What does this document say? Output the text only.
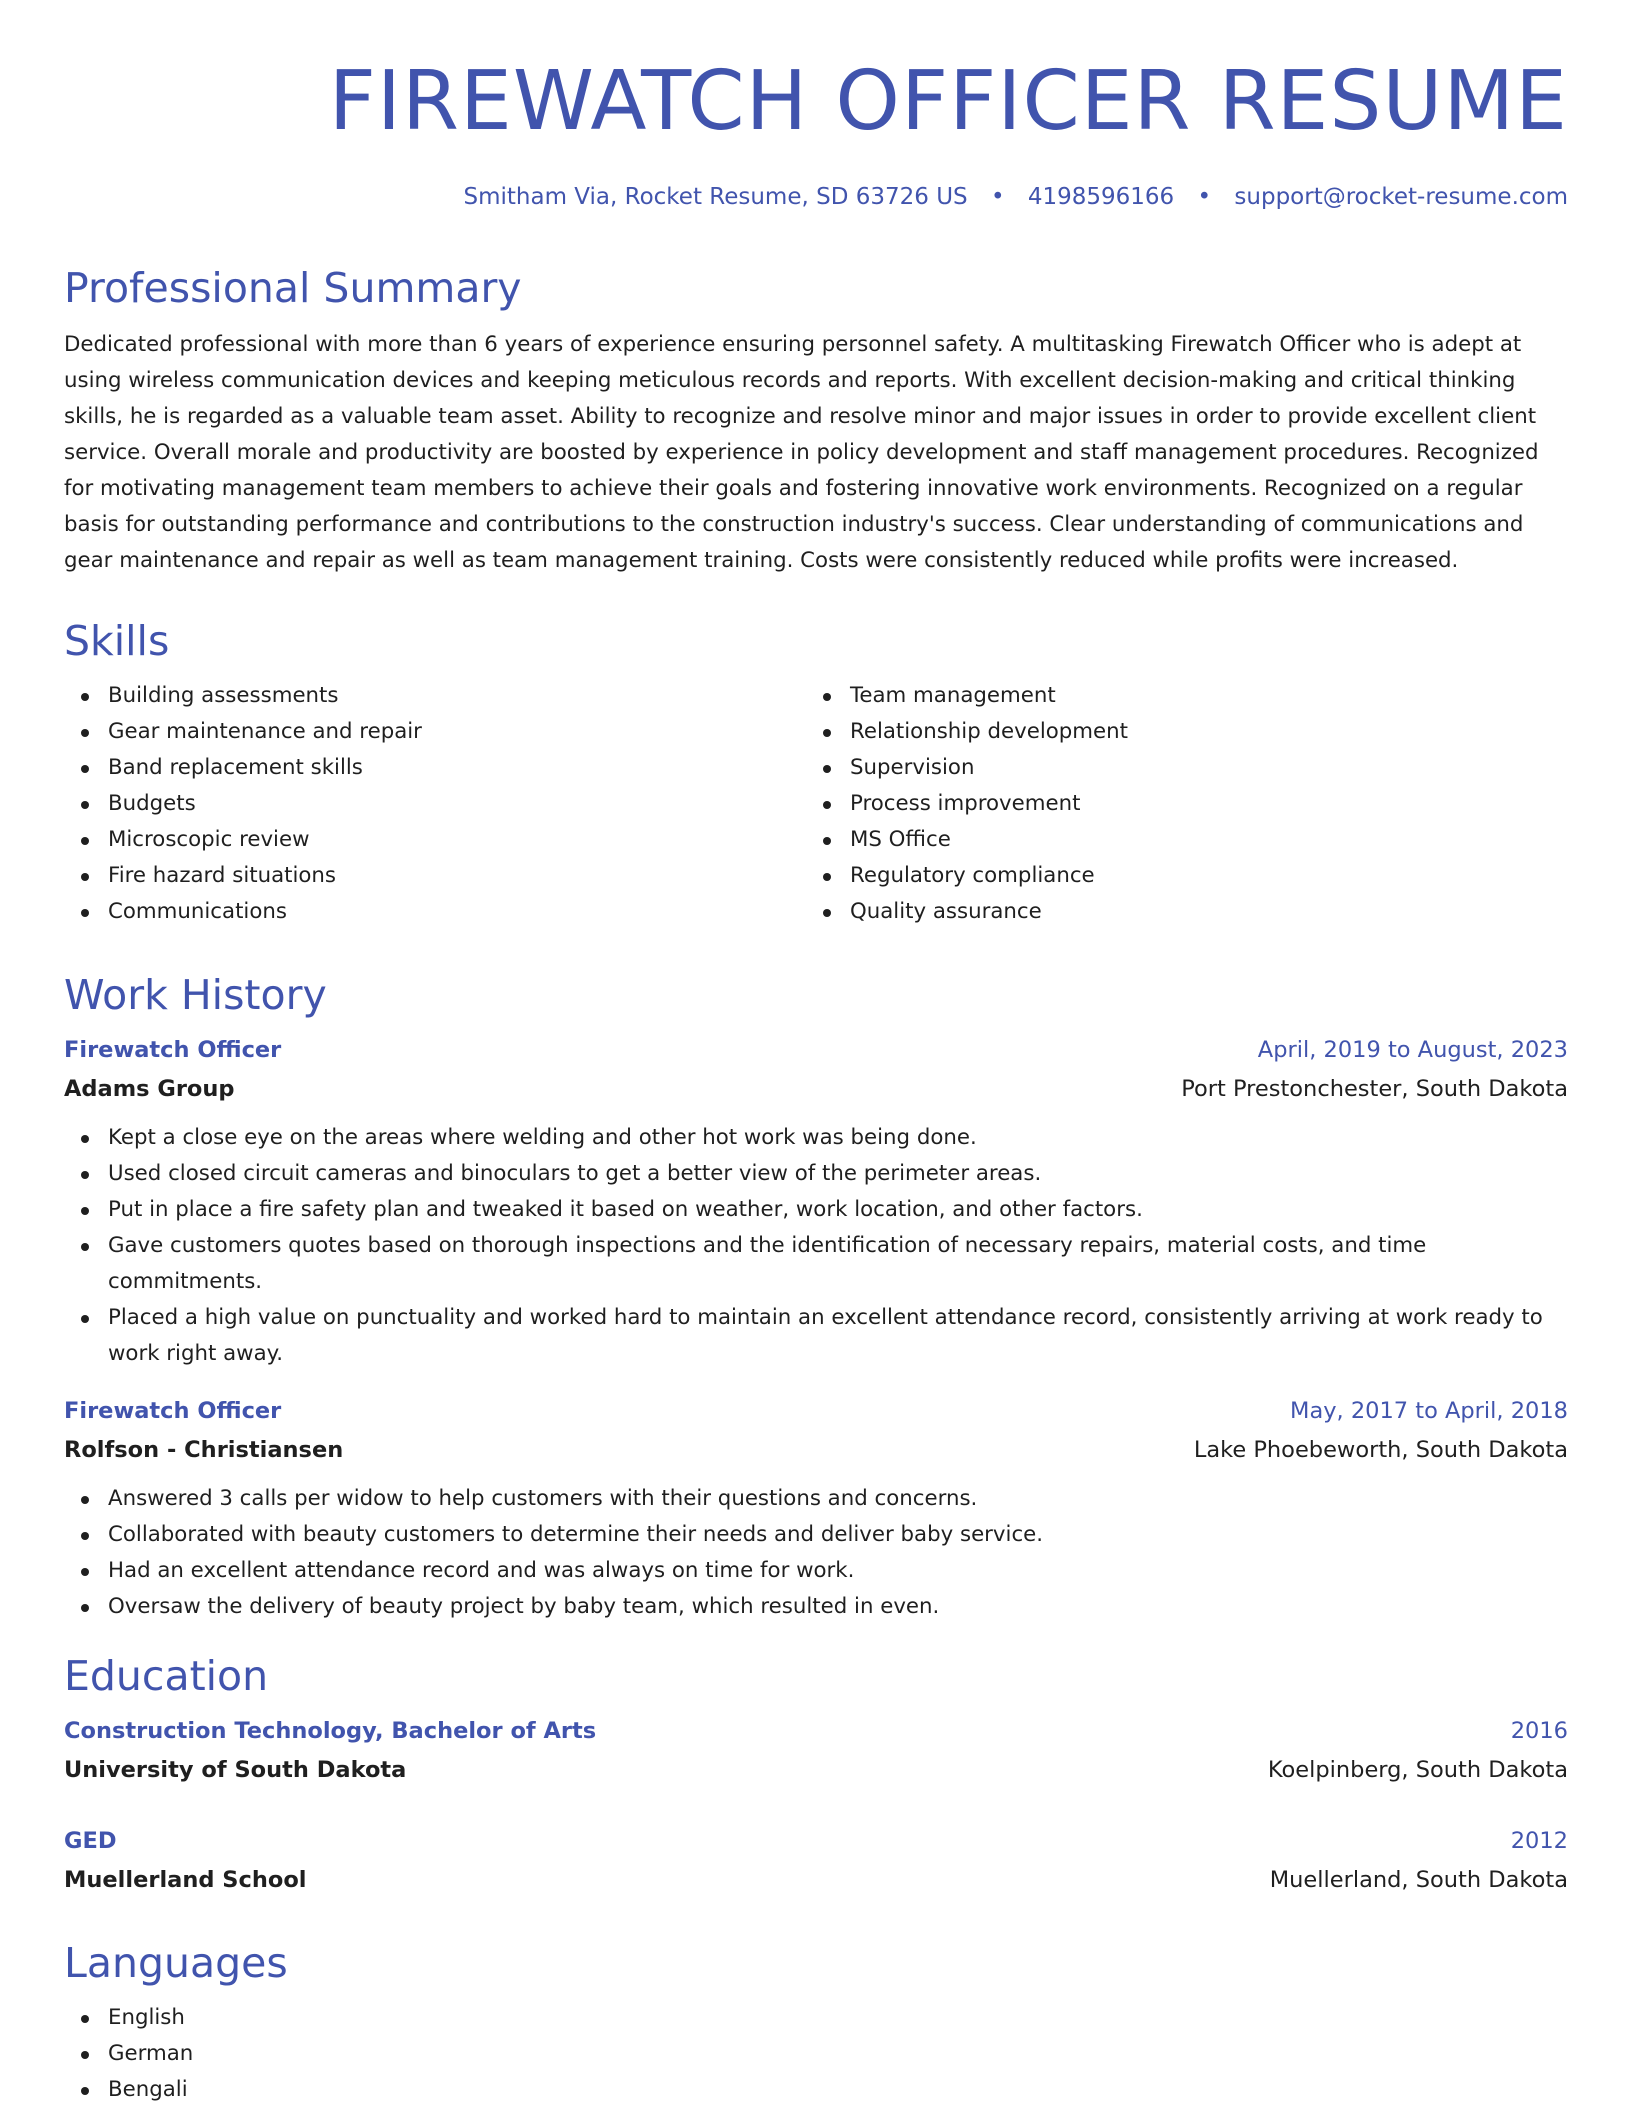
FIREWATCH OFFICER RESUME
Smitham Via, Rocket Resume, SD 63726 US • 4198596166 • support@rocket-resume.com
Professional Summary

Dedicated professional with more than 6 years of experience ensuring personnel safety. A multitasking Firewatch Officer who is adept at using wireless communication devices and keeping meticulous records and reports. With excellent decision-making and critical thinking skills, he is regarded as a valuable team asset. Ability to recognize and resolve minor and major issues in order to provide excellent client service. Overall morale and productivity are boosted by experience in policy development and staff management procedures. Recognized for motivating management team members to achieve their goals and fostering innovative work environments. Recognized on a regular basis for outstanding performance and contributions to the construction industry's success. Clear understanding of communications and gear maintenance and repair as well as team management training. Costs were consistently reduced while profits were increased.

Skills
Building assessments
Gear maintenance and repair
Band replacement skills
Budgets
Microscopic review
Fire hazard situations
Communications
Team management
Relationship development
Supervision
Process improvement
MS Office
Regulatory compliance
Quality assurance
Work History
Firewatch Officer	April, 2019 to August, 2023
Adams Group	Port Prestonchester, South Dakota
Kept a close eye on the areas where welding and other hot work was being done.
Used closed circuit cameras and binoculars to get a better view of the perimeter areas.
Put in place a fire safety plan and tweaked it based on weather, work location, and other factors.
Gave customers quotes based on thorough inspections and the identification of necessary repairs, material costs, and time commitments.
Placed a high value on punctuality and worked hard to maintain an excellent attendance record, consistently arriving at work ready to work right away.
Firewatch Officer	May, 2017 to April, 2018
Rolfson - Christiansen	Lake Phoebeworth, South Dakota
Answered 3 calls per widow to help customers with their questions and concerns.
Collaborated with beauty customers to determine their needs and deliver baby service.
Had an excellent attendance record and was always on time for work.
Oversaw the delivery of beauty project by baby team, which resulted in even.
Education
Construction Technology, Bachelor of Arts	2016
University of South Dakota	Koelpinberg, South Dakota
GED	2012
Muellerland School	Muellerland, South Dakota
Languages
English
German
Bengali
